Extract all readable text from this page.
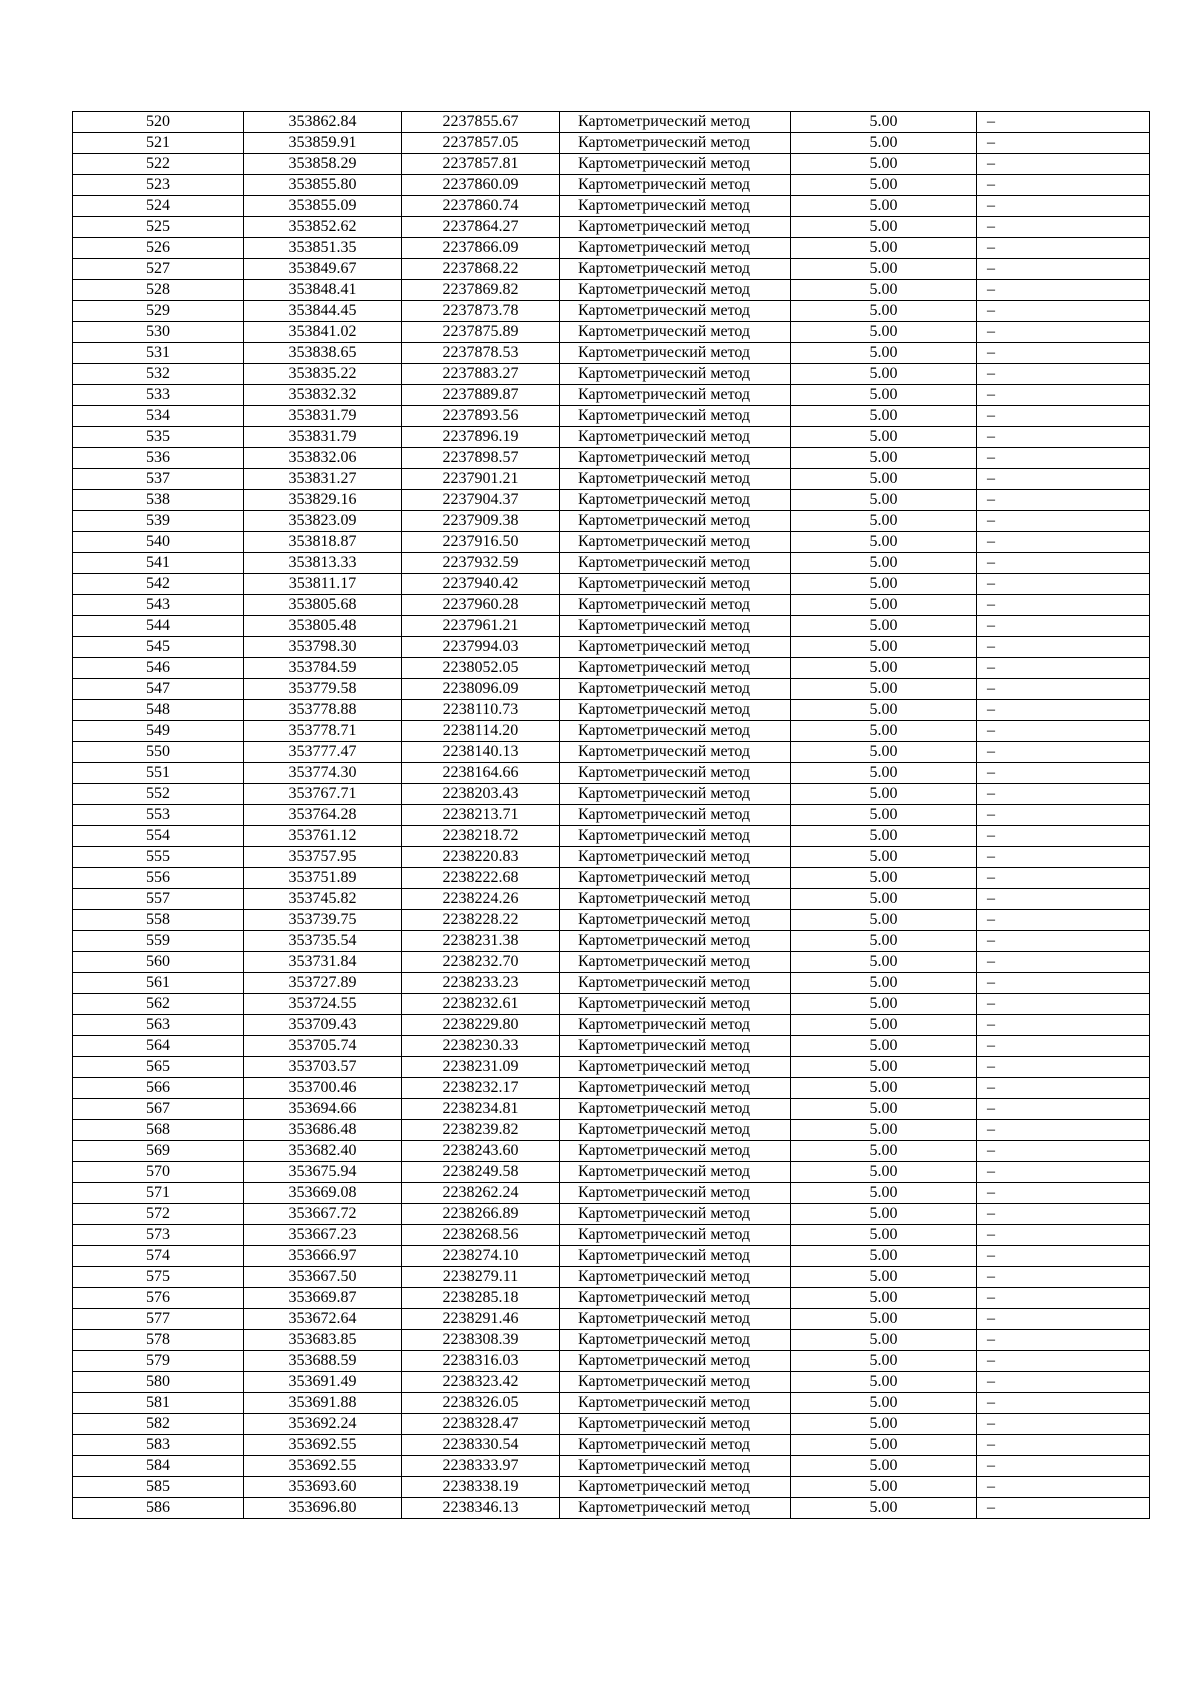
520	353862.84	2237855.67	Картометрический метод	5.00	–
521	353859.91	2237857.05	Картометрический метод	5.00	–
522	353858.29	2237857.81	Картометрический метод	5.00	–
523	353855.80	2237860.09	Картометрический метод	5.00	–
524	353855.09	2237860.74	Картометрический метод	5.00	–
525	353852.62	2237864.27	Картометрический метод	5.00	–
526	353851.35	2237866.09	Картометрический метод	5.00	–
527	353849.67	2237868.22	Картометрический метод	5.00	–
528	353848.41	2237869.82	Картометрический метод	5.00	–
529	353844.45	2237873.78	Картометрический метод	5.00	–
530	353841.02	2237875.89	Картометрический метод	5.00	–
531	353838.65	2237878.53	Картометрический метод	5.00	–
532	353835.22	2237883.27	Картометрический метод	5.00	–
533	353832.32	2237889.87	Картометрический метод	5.00	–
534	353831.79	2237893.56	Картометрический метод	5.00	–
535	353831.79	2237896.19	Картометрический метод	5.00	–
536	353832.06	2237898.57	Картометрический метод	5.00	–
537	353831.27	2237901.21	Картометрический метод	5.00	–
538	353829.16	2237904.37	Картометрический метод	5.00	–
539	353823.09	2237909.38	Картометрический метод	5.00	–
540	353818.87	2237916.50	Картометрический метод	5.00	–
541	353813.33	2237932.59	Картометрический метод	5.00	–
542	353811.17	2237940.42	Картометрический метод	5.00	–
543	353805.68	2237960.28	Картометрический метод	5.00	–
544	353805.48	2237961.21	Картометрический метод	5.00	–
545	353798.30	2237994.03	Картометрический метод	5.00	–
546	353784.59	2238052.05	Картометрический метод	5.00	–
547	353779.58	2238096.09	Картометрический метод	5.00	–
548	353778.88	2238110.73	Картометрический метод	5.00	–
549	353778.71	2238114.20	Картометрический метод	5.00	–
550	353777.47	2238140.13	Картометрический метод	5.00	–
551	353774.30	2238164.66	Картометрический метод	5.00	–
552	353767.71	2238203.43	Картометрический метод	5.00	–
553	353764.28	2238213.71	Картометрический метод	5.00	–
554	353761.12	2238218.72	Картометрический метод	5.00	–
555	353757.95	2238220.83	Картометрический метод	5.00	–
556	353751.89	2238222.68	Картометрический метод	5.00	–
557	353745.82	2238224.26	Картометрический метод	5.00	–
558	353739.75	2238228.22	Картометрический метод	5.00	–
559	353735.54	2238231.38	Картометрический метод	5.00	–
560	353731.84	2238232.70	Картометрический метод	5.00	–
561	353727.89	2238233.23	Картометрический метод	5.00	–
562	353724.55	2238232.61	Картометрический метод	5.00	–
563	353709.43	2238229.80	Картометрический метод	5.00	–
564	353705.74	2238230.33	Картометрический метод	5.00	–
565	353703.57	2238231.09	Картометрический метод	5.00	–
566	353700.46	2238232.17	Картометрический метод	5.00	–
567	353694.66	2238234.81	Картометрический метод	5.00	–
568	353686.48	2238239.82	Картометрический метод	5.00	–
569	353682.40	2238243.60	Картометрический метод	5.00	–
570	353675.94	2238249.58	Картометрический метод	5.00	–
571	353669.08	2238262.24	Картометрический метод	5.00	–
572	353667.72	2238266.89	Картометрический метод	5.00	–
573	353667.23	2238268.56	Картометрический метод	5.00	–
574	353666.97	2238274.10	Картометрический метод	5.00	–
575	353667.50	2238279.11	Картометрический метод	5.00	–
576	353669.87	2238285.18	Картометрический метод	5.00	–
577	353672.64	2238291.46	Картометрический метод	5.00	–
578	353683.85	2238308.39	Картометрический метод	5.00	–
579	353688.59	2238316.03	Картометрический метод	5.00	–
580	353691.49	2238323.42	Картометрический метод	5.00	–
581	353691.88	2238326.05	Картометрический метод	5.00	–
582	353692.24	2238328.47	Картометрический метод	5.00	–
583	353692.55	2238330.54	Картометрический метод	5.00	–
584	353692.55	2238333.97	Картометрический метод	5.00	–
585	353693.60	2238338.19	Картометрический метод	5.00	–
586	353696.80	2238346.13	Картометрический метод	5.00	–
